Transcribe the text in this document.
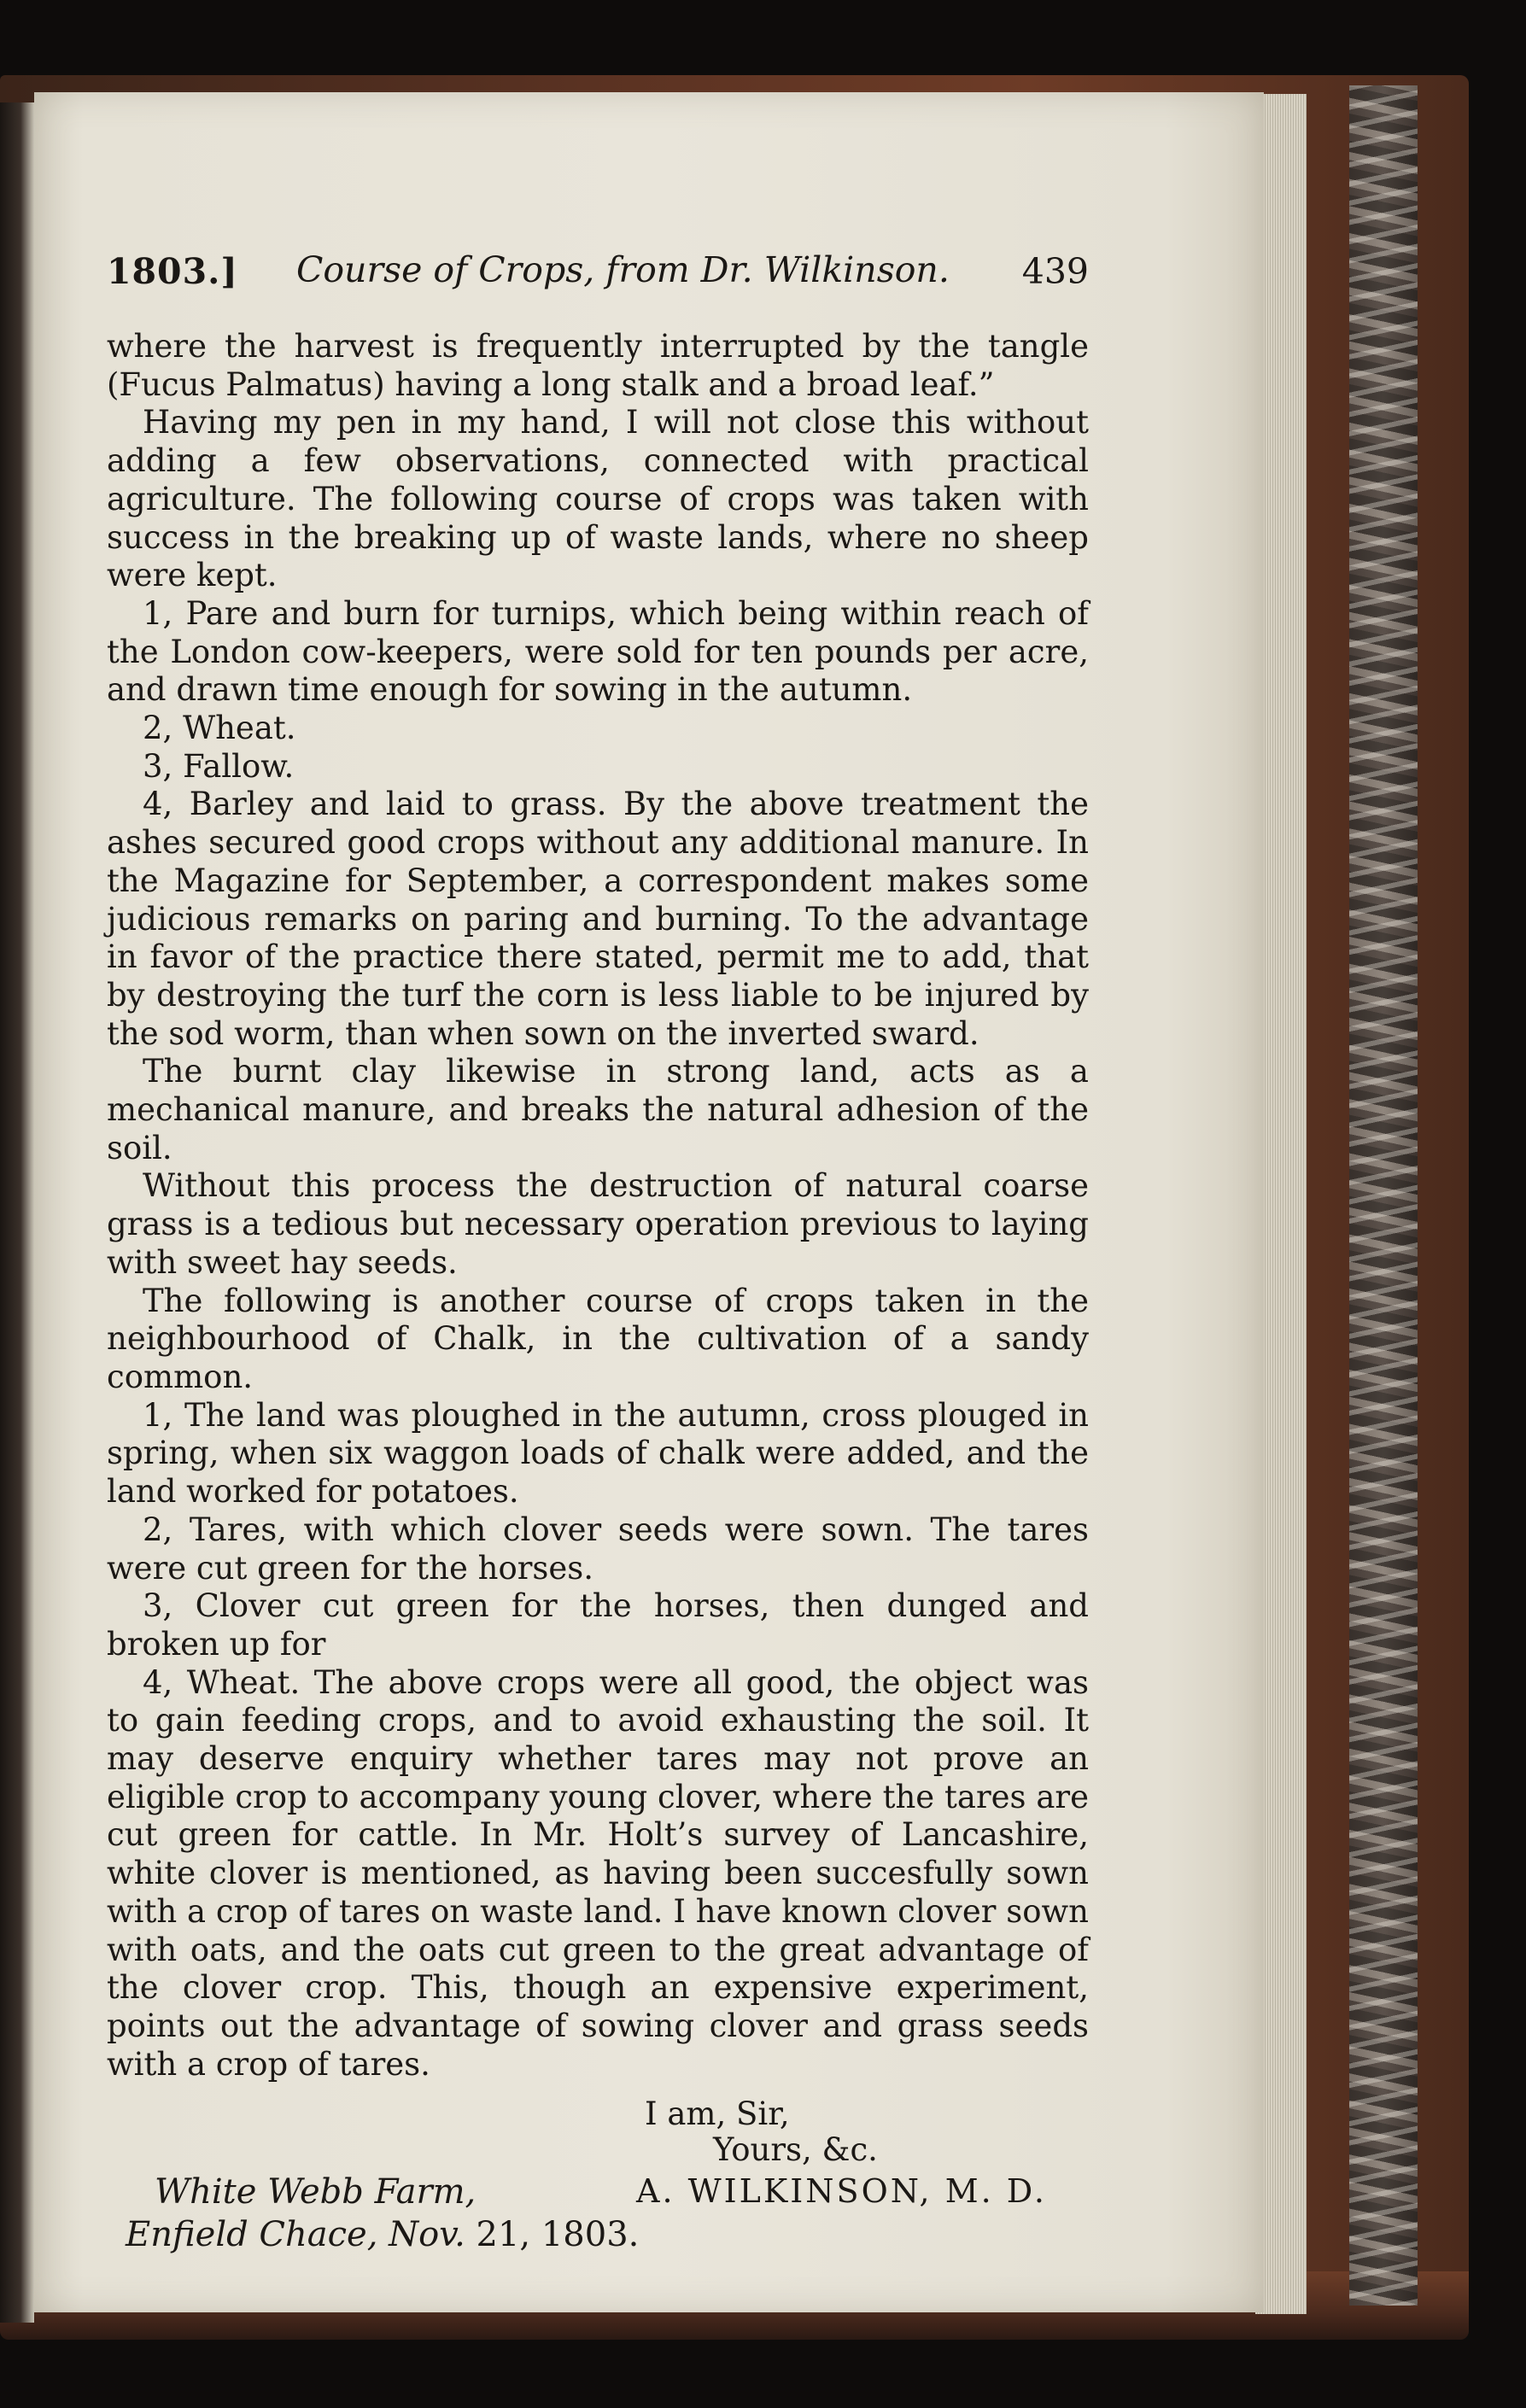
1803.] Course of Crops, from Dr. Wilkinson. 439

where the harvest is frequently interrupted by the tangle (Fucus Palmatus) having a long stalk and a broad leaf.”

Having my pen in my hand, I will not close this without adding a few observations, connected with practical agriculture. The following course of crops was taken with success in the breaking up of waste lands, where no sheep were kept.

1, Pare and burn for turnips, which being within reach of the London cow-keepers, were sold for ten pounds per acre, and drawn time enough for sowing in the autumn.

2, Wheat.

3, Fallow.

4, Barley and laid to grass. By the above treatment the ashes secured good crops without any additional manure. In the Magazine for September, a correspondent makes some judicious remarks on paring and burning. To the advantage in favor of the practice there stated, permit me to add, that by destroying the turf the corn is less liable to be injured by the sod worm, than when sown on the inverted sward.

The burnt clay likewise in strong land, acts as a mechanical manure, and breaks the natural adhesion of the soil.

Without this process the destruction of natural coarse grass is a tedious but necessary operation previous to laying with sweet hay seeds.

The following is another course of crops taken in the neighbourhood of Chalk, in the cultivation of a sandy common.

1, The land was ploughed in the autumn, cross plouged in spring, when six waggon loads of chalk were added, and the land worked for potatoes.

2, Tares, with which clover seeds were sown. The tares were cut green for the horses.

3, Clover cut green for the horses, then dunged and broken up for

4, Wheat. The above crops were all good, the object was to gain feeding crops, and to avoid exhausting the soil. It may deserve enquiry whether tares may not prove an eligible crop to accompany young clover, where the tares are cut green for cattle. In Mr. Holt’s survey of Lancashire, white clover is mentioned, as having been succesfully sown with a crop of tares on waste land. I have known clover sown with oats, and the oats cut green to the great advantage of the clover crop. This, though an expensive experiment, points out the advantage of sowing clover and grass seeds with a crop of tares.

I am, Sir,
Yours, &c.
White Webb Farm,	A. WILKINSON, M. D.
Enfield Chace, Nov. 21, 1803.
